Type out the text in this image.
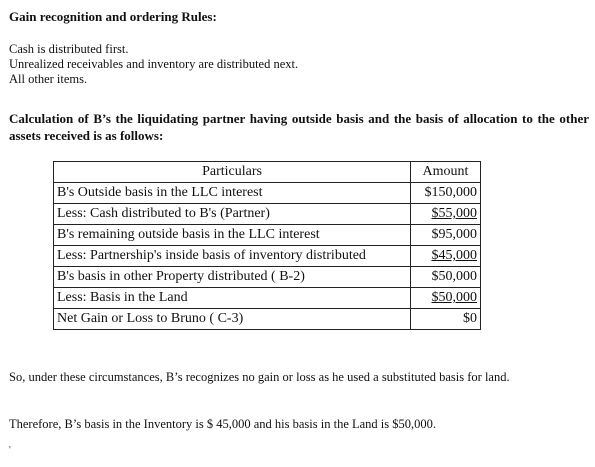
Gain recognition and ordering Rules:
Cash is distributed first.
Unrealized receivables and inventory are distributed next.
All other items.
Calculation of B’s the liquidating partner having outside basis and the basis of allocation to the other assets received is as follows:
Particulars	Amount
B's Outside basis in the LLC interest	$150,000
Less: Cash distributed to B's (Partner)	$55,000
B's remaining outside basis in the LLC interest	$95,000
Less: Partnership's inside basis of inventory distributed	$45,000
B's basis in other Property distributed ( B-2)	$50,000
Less: Basis in the Land	$50,000
Net Gain or Loss to Bruno ( C-3)	$0
So, under these circumstances, B’s recognizes no gain or loss as he used a substituted basis for land.
Therefore, B’s basis in the Inventory is $ 45,000 and his basis in the Land is $50,000.
'
